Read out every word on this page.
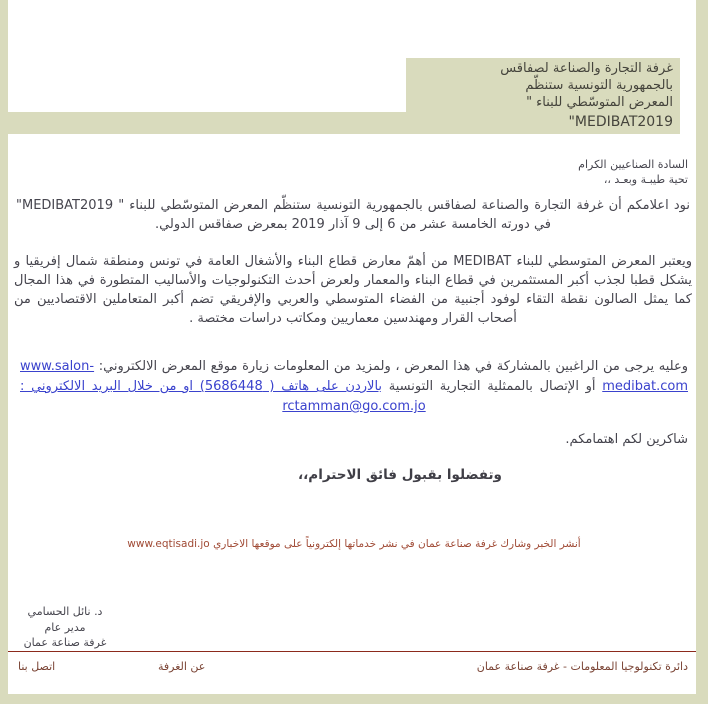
غرفة التجارة والصناعة لصفاقس
بالجمهورية التونسية ستنظّم
المعرض المتوسّطي للبناء "
MEDIBAT2019"
السادة الصناعيين الكرام
تحية طيبـة وبعـد ،،
نود اعلامكم أن غرفة التجارة والصناعة لصفاقس بالجمهورية التونسية ستنظّم المعرض المتوسّطي للبناء " MEDIBAT2019" في دورته الخامسة عشر من 6 إلى 9 آذار 2019 بمعرض صفاقس الدولي.
ويعتبر المعرض المتوسطي للبناء MEDIBAT من أهمّ معارض قطاع البناء والأشغال العامة في تونس ومنطقة شمال إفريقيا و يشكل قطبا لجذب أكبر المستثمرين في قطاع البناء والمعمار ولعرض أحدث التكنولوجيات والأساليب المتطورة في هذا المجال كما يمثل الصالون نقطة التقاء لوفود أجنبية من الفضاء المتوسطي والعربي والإفريقي تضم أكبر المتعاملين الاقتصاديين من أصحاب القرار ومهندسين معماريين ومكاتب دراسات مختصة .
وعليه يرجى من الراغبين بالمشاركة في هذا المعرض ، ولمزيد من المعلومات زيارة موقع المعرض الالكتروني: www.salon-medibat.com أو الإتصال بالممثلية التجارية التونسية بالاردن على هاتف ( 5686448) او من خلال البريد الالكتروني : rctamman@go.com.jo
شاكرين لكم اهتمامكم.
وتفضلوا بقبول فائق الاحترام،،
أنشر الخبر وشارك غرفة صناعة عمان في نشر خدماتها إلكترونياً على موقعها الاخباري www.eqtisadi.jo
د. نائل الحسامي
مدير عام
غرفة صناعة عمان
اتصل بنا	عن الغرفة	دائرة تكنولوجيا المعلومات - غرفة صناعة عمان
